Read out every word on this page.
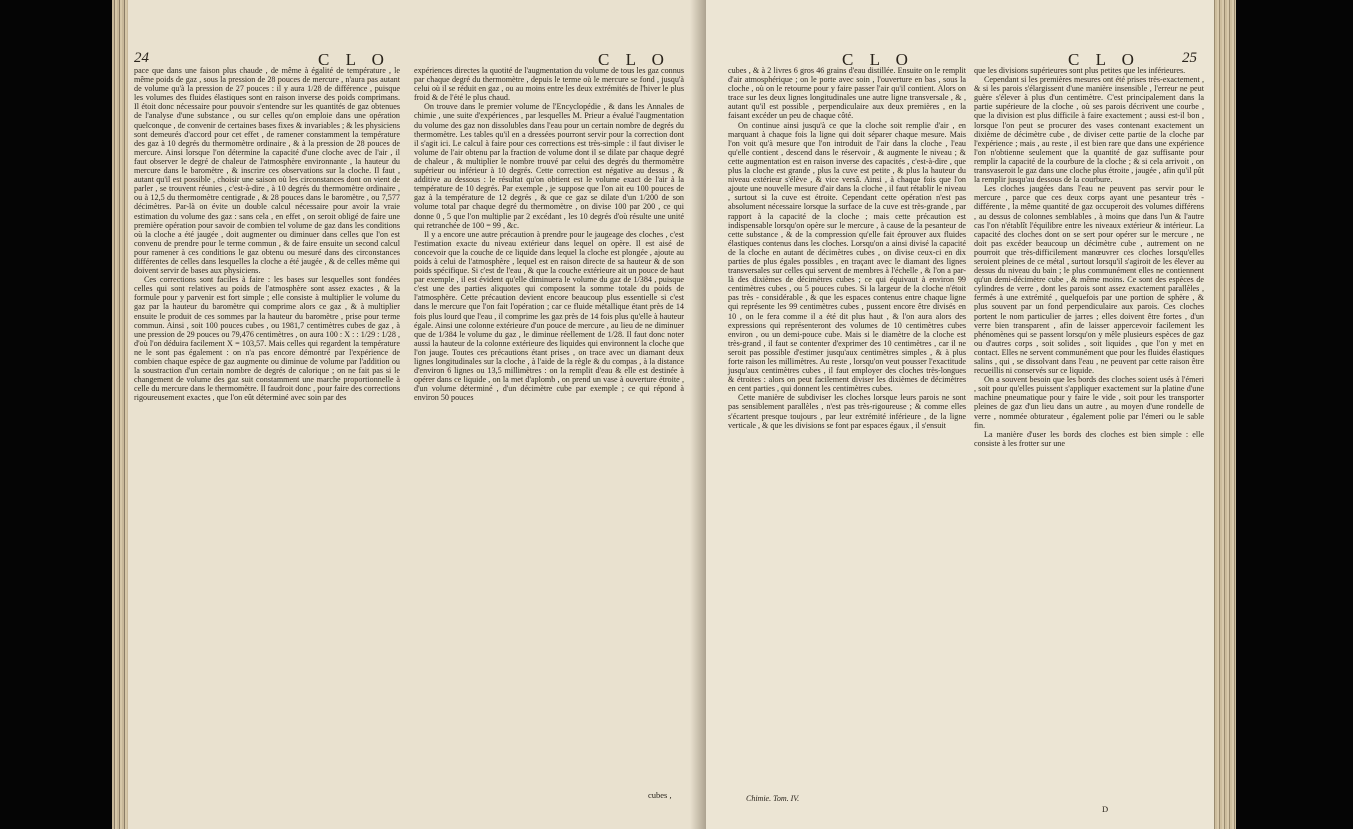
24	C L O	C L O

pace que dans une faison plus chaude , de même à égalité de température , le même poids de gaz , sous la pression de 28 pouces de mercure , n'aura pas autant de volume qu'à la pression de 27 pouces : il y aura 1/28 de différence , puisque les volumes des fluides élastiques sont en raison inverse des poids comprimans. Il étoit donc nécessaire pour pouvoir s'entendre sur les quantités de gaz obtenues de l'analyse d'une substance , ou sur celles qu'on emploie dans une opération quelconque , de convenir de certaines bases fixes & invariables ; & les physiciens sont demeurés d'accord pour cet effet , de ramener constamment la température des gaz à 10 degrés du thermomètre ordinaire , & à la pression de 28 pouces de mercure. Ainsi lorsque l'on détermine la capacité d'une cloche avec de l'air , il faut observer le degré de chaleur de l'atmosphère environnante , la hauteur du mercure dans le baromètre , & inscrire ces observations sur la cloche. Il faut , autant qu'il est possible , choisir une saison où les circonstances dont on vient de parler , se trouvent réunies , c'est-à-dire , à 10 degrés du thermomètre ordinaire , ou à 12,5 du thermomètre centigrade , & 28 pouces dans le baromètre , ou 7,577 décimètres. Par-là on évite un double calcul nécessaire pour avoir la vraie estimation du volume des gaz : sans cela , en effet , on seroit obligé de faire une première opération pour savoir de combien tel volume de gaz dans les conditions où la cloche a été jaugée , doit augmenter ou diminuer dans celles que l'on est convenu de prendre pour le terme commun , & de faire ensuite un second calcul pour ramener à ces conditions le gaz obtenu ou mesuré dans des circonstances différentes de celles dans lesquelles la cloche a été jaugée , & de celles même qui doivent servir de bases aux physiciens.

Ces corrections sont faciles à faire : les bases sur lesquelles sont fondées celles qui sont relatives au poids de l'atmosphère sont assez exactes , & la formule pour y parvenir est fort simple ; elle consiste à multiplier le volume du gaz par la hauteur du baromètre qui comprime alors ce gaz , & à multiplier ensuite le produit de ces sommes par la hauteur du baromètre , prise pour terme commun. Ainsi , soit 100 pouces cubes , ou 1981,7 centimètres cubes de gaz , à une pression de 29 pouces ou 79,476 centimètres , on aura 100 : X : : 1/29 : 1/28 , d'où l'on déduira facilement X = 103,57. Mais celles qui regardent la température ne le sont pas également : on n'a pas encore démontré par l'expérience de combien chaque espèce de gaz augmente ou diminue de volume par l'addition ou la soustraction d'un certain nombre de degrés de calorique ; on ne fait pas si le changement de volume des gaz suit constamment une marche proportionnelle à celle du mercure dans le thermomètre. Il faudroit donc , pour faire des corrections rigoureusement exactes , que l'on eût déterminé avec soin par des

expériences directes la quotité de l'augmentation du volume de tous les gaz connus par chaque degré du thermomètre , depuis le terme où le mercure se fond , jusqu'à celui où il se réduit en gaz , ou au moins entre les deux extrémités de l'hiver le plus froid & de l'été le plus chaud.

On trouve dans le premier volume de l'Encyclopédie , & dans les Annales de chimie , une suite d'expériences , par lesquelles M. Prieur a évalué l'augmentation du volume des gaz non dissolubles dans l'eau pour un certain nombre de degrés du thermomètre. Les tables qu'il en a dressées pourront servir pour la correction dont il s'agit ici. Le calcul à faire pour ces corrections est très-simple : il faut diviser le volume de l'air obtenu par la fraction de volume dont il se dilate par chaque degré de chaleur , & multiplier le nombre trouvé par celui des degrés du thermomètre supérieur ou inférieur à 10 degrés. Cette correction est négative au dessus , & additive au dessous : le résultat qu'on obtient est le volume exact de l'air à la température de 10 degrés. Par exemple , je suppose que l'on ait eu 100 pouces de gaz à la température de 12 degrés , & que ce gaz se dilate d'un 1/200 de son volume total par chaque degré du thermomètre , on divise 100 par 200 , ce qui donne 0 , 5 que l'on multiplie par 2 excédant , les 10 degrés d'où résulte une unité qui retranchée de 100 = 99 , &c.

Il y a encore une autre précaution à prendre pour le jaugeage des cloches , c'est l'estimation exacte du niveau extérieur dans lequel on opère. Il est aisé de concevoir que la couche de ce liquide dans lequel la cloche est plongée , ajoute au poids à celui de l'atmosphère , lequel est en raison directe de sa hauteur & de son poids spécifique. Si c'est de l'eau , & que la couche extérieure ait un pouce de haut par exemple , il est évident qu'elle diminuera le volume du gaz de 1/384 , puisque c'est une des parties aliquotes qui composent la somme totale du poids de l'atmosphère. Cette précaution devient encore beaucoup plus essentielle si c'est dans le mercure que l'on fait l'opération ; car ce fluide métallique étant près de 14 fois plus lourd que l'eau , il comprime les gaz près de 14 fois plus qu'elle à hauteur égale. Ainsi une colonne extérieure d'un pouce de mercure , au lieu de ne diminuer que de 1/384 le volume du gaz , le diminue réellement de 1/28. Il faut donc noter aussi la hauteur de la colonne extérieure des liquides qui environnent la cloche que l'on jauge. Toutes ces précautions étant prises , on trace avec un diamant deux lignes longitudinales sur la cloche , à l'aide de la règle & du compas , à la distance d'environ 6 lignes ou 13,5 millimètres : on la remplit d'eau & elle est destinée à opérer dans ce liquide , on la met d'aplomb , on prend un vase à ouverture étroite , d'un volume déterminé , d'un décimètre cube par exemple ; ce qui répond à environ 50 pouces

cubes ,
C L O	C L O	25

cubes , & à 2 livres 6 gros 46 grains d'eau distillée. Ensuite on le remplit d'air atmosphérique ; on le porte avec soin , l'ouverture en bas , sous la cloche , où on le retourne pour y faire passer l'air qu'il contient. Alors on trace sur les deux lignes longitudinales une autre ligne transversale , & , autant qu'il est possible , perpendiculaire aux deux premières , en la faisant excéder un peu de chaque côté.

On continue ainsi jusqu'à ce que la cloche soit remplie d'air , en marquant à chaque fois la ligne qui doit séparer chaque mesure. Mais l'on voit qu'à mesure que l'on introduit de l'air dans la cloche , l'eau qu'elle contient , descend dans le réservoir , & augmente le niveau ; & cette augmentation est en raison inverse des capacités , c'est-à-dire , que plus la cloche est grande , plus la cuve est petite , & plus la hauteur du niveau extérieur s'élève , & vice versâ. Ainsi , à chaque fois que l'on ajoute une nouvelle mesure d'air dans la cloche , il faut rétablir le niveau , surtout si la cuve est étroite. Cependant cette opération n'est pas absolument nécessaire lorsque la surface de la cuve est très-grande , par rapport à la capacité de la cloche ; mais cette précaution est indispensable lorsqu'on opère sur le mercure , à cause de la pesanteur de cette substance , & de la compression qu'elle fait éprouver aux fluides élastiques contenus dans les cloches. Lorsqu'on a ainsi divisé la capacité de la cloche en autant de décimètres cubes , on divise ceux-ci en dix parties de plus égales possibles , en traçant avec le diamant des lignes transversales sur celles qui servent de membres à l'échelle , & l'on a par-là des dixièmes de décimètres cubes ; ce qui équivaut à environ 99 centimètres cubes , ou 5 pouces cubes. Si la largeur de la cloche n'étoit pas très - considérable , & que les espaces contenus entre chaque ligne qui représente les 99 centimètres cubes , pussent encore être divisés en 10 , on le fera comme il a été dit plus haut , & l'on aura alors des expressions qui représenteront des volumes de 10 centimètres cubes environ , ou un demi-pouce cube. Mais si le diamètre de la cloche est très-grand , il faut se contenter d'exprimer des 10 centimètres , car il ne seroit pas possible d'estimer jusqu'aux centimètres simples , & à plus forte raison les millimètres. Au reste , lorsqu'on veut pousser l'exactitude jusqu'aux centimètres cubes , il faut employer des cloches très-longues & étroites : alors on peut facilement diviser les dixièmes de décimètres en cent parties , qui donnent les centimètres cubes.

Cette manière de subdiviser les cloches lorsque leurs parois ne sont pas sensiblement parallèles , n'est pas très-rigoureuse ; & comme elles s'écartent presque toujours , par leur extrémité inférieure , de la ligne verticale , & que les divisions se font par espaces égaux , il s'ensuit

Chimie. Tom. IV.

que les divisions supérieures sont plus petites que les inférieures.

Cependant si les premières mesures ont été prises très-exactement , & si les parois s'élargissent d'une manière insensible , l'erreur ne peut guère s'élever à plus d'un centimètre. C'est principalement dans la partie supérieure de la cloche , où ses parois décrivent une courbe , que la division est plus difficile à faire exactement ; aussi est-il bon , lorsque l'on peut se procurer des vases contenant exactement un dixième de décimètre cube , de diviser cette partie de la cloche par l'expérience ; mais , au reste , il est bien rare que dans une expérience l'on n'obtienne seulement que la quantité de gaz suffisante pour remplir la capacité de la courbure de la cloche ; & si cela arrivoit , on transvaseroit le gaz dans une cloche plus étroite , jaugée , afin qu'il pût la remplir jusqu'au dessous de la courbure.

Les cloches jaugées dans l'eau ne peuvent pas servir pour le mercure , parce que ces deux corps ayant une pesanteur très - différente , la même quantité de gaz occuperoit des volumes différens , au dessus de colonnes semblables , à moins que dans l'un & l'autre cas l'on n'établît l'équilibre entre les niveaux extérieur & intérieur. La capacité des cloches dont on se sert pour opérer sur le mercure , ne doit pas excéder beaucoup un décimètre cube , autrement on ne pourroit que très-difficilement manœuvrer ces cloches lorsqu'elles seroient pleines de ce métal , surtout lorsqu'il s'agiroit de les élever au dessus du niveau du bain ; le plus communément elles ne contiennent qu'un demi-décimètre cube , & même moins. Ce sont des espèces de cylindres de verre , dont les parois sont assez exactement parallèles , fermés à une extrémité , quelquefois par une portion de sphère , & plus souvent par un fond perpendiculaire aux parois. Ces cloches portent le nom particulier de jarres ; elles doivent être fortes , d'un verre bien transparent , afin de laisser appercevoir facilement les phénomènes qui se passent lorsqu'on y mêle plusieurs espèces de gaz ou d'autres corps , soit solides , soit liquides , que l'on y met en contact. Elles ne servent communément que pour les fluides élastiques salins , qui , se dissolvant dans l'eau , ne peuvent par cette raison être recueillis ni conservés sur ce liquide.

On a souvent besoin que les bords des cloches soient usés à l'émeri , soit pour qu'elles puissent s'appliquer exactement sur la platine d'une machine pneumatique pour y faire le vide , soit pour les transporter pleines de gaz d'un lieu dans un autre , au moyen d'une rondelle de verre , nommée obturateur , également polie par l'émeri ou le sable fin.

La manière d'user les bords des cloches est bien simple : elle consiste à les frotter sur une

D
